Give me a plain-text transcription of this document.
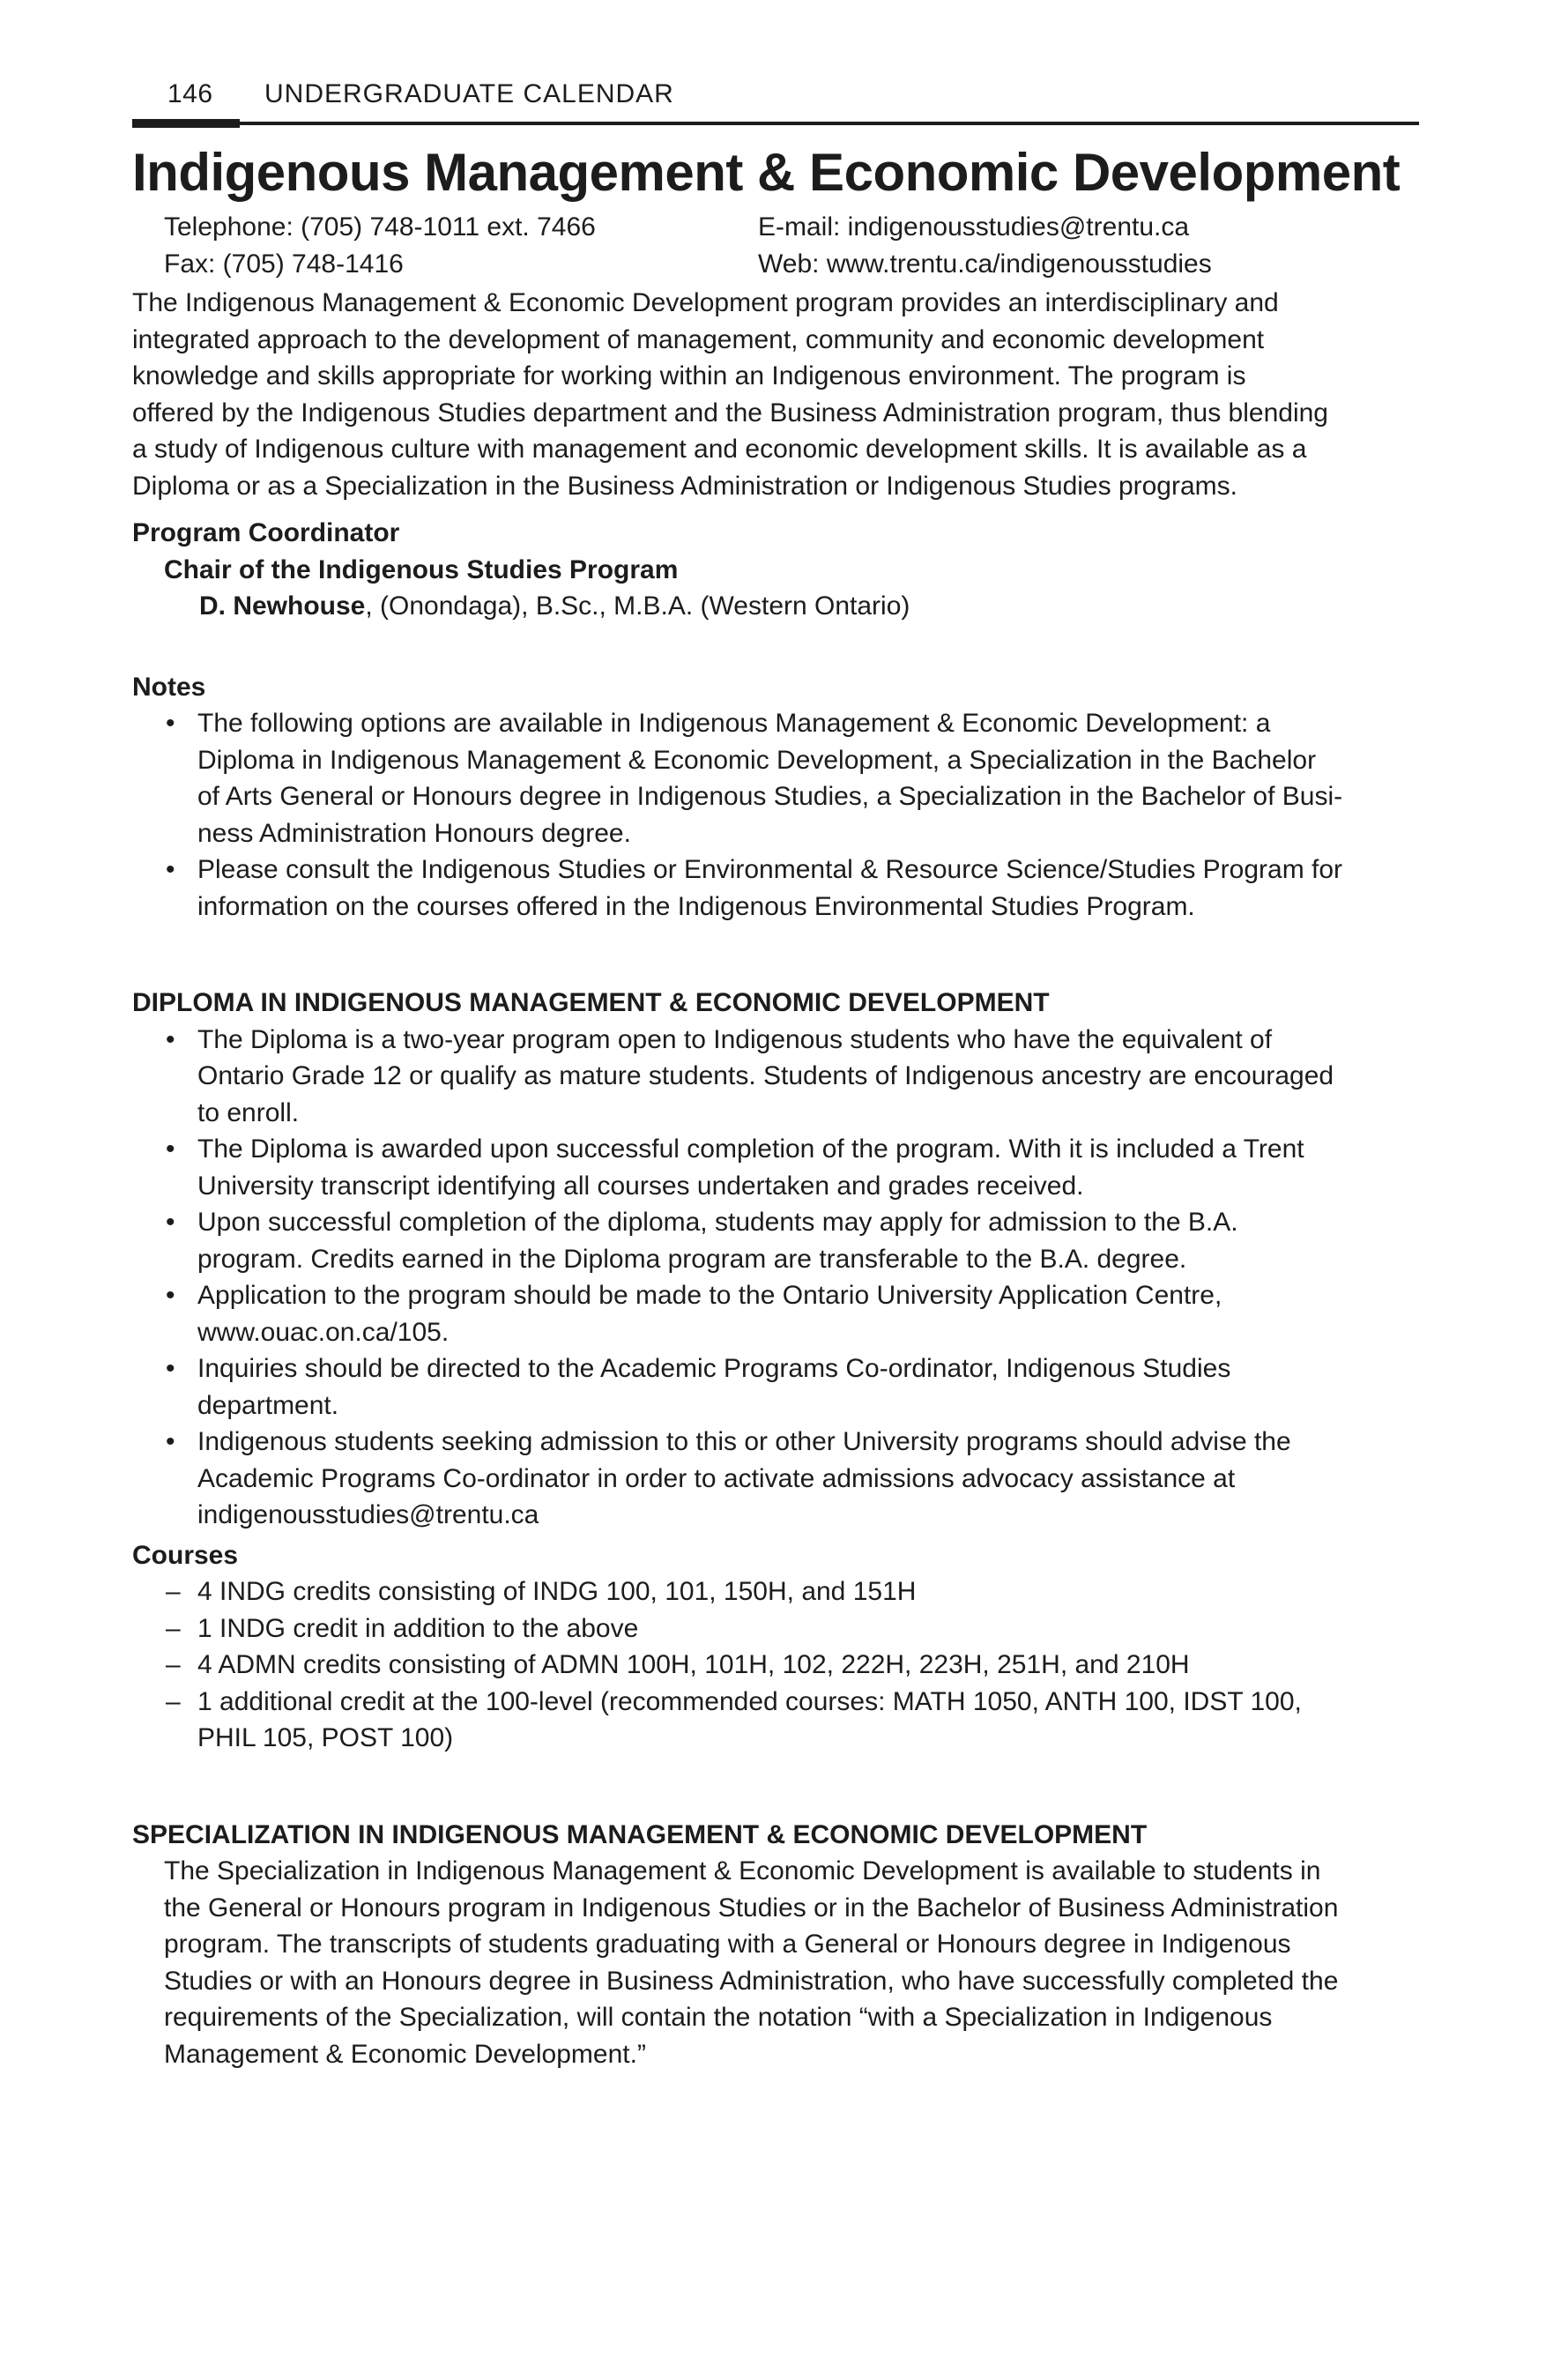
146 UNDERGRADUATE CALENDAR
Indigenous Management & Economic Development
Telephone: (705) 748-1011 ext. 7466
Fax: (705) 748-1416
E-mail: indigenousstudies@trentu.ca
Web: www.trentu.ca/indigenousstudies

The Indigenous Management & Economic Development program provides an interdisciplinary and
integrated approach to the development of management, community and economic development
knowledge and skills appropriate for working within an Indigenous environment. The program is
offered by the Indigenous Studies department and the Business Administration program, thus blending
a study of Indigenous culture with management and economic development skills. It is available as a
Diploma or as a Specialization in the Business Administration or Indigenous Studies programs.

Program Coordinator
Chair of the Indigenous Studies Program
D. Newhouse, (Onondaga), B.Sc., M.B.A. (Western Ontario)
Notes
• The following options are available in Indigenous Management & Economic Development: a
Diploma in Indigenous Management & Economic Development, a Specialization in the Bachelor
of Arts General or Honours degree in Indigenous Studies, a Specialization in the Bachelor of Busi-
ness Administration Honours degree.
• Please consult the Indigenous Studies or Environmental & Resource Science/Studies Program for
information on the courses offered in the Indigenous Environmental Studies Program.
DIPLOMA IN INDIGENOUS MANAGEMENT & ECONOMIC DEVELOPMENT
• The Diploma is a two-year program open to Indigenous students who have the equivalent of
Ontario Grade 12 or qualify as mature students. Students of Indigenous ancestry are encouraged
to enroll.
• The Diploma is awarded upon successful completion of the program. With it is included a Trent
University transcript identifying all courses undertaken and grades received.
• Upon successful completion of the diploma, students may apply for admission to the B.A.
program. Credits earned in the Diploma program are transferable to the B.A. degree.
• Application to the program should be made to the Ontario University Application Centre,
www.ouac.on.ca/105.
• Inquiries should be directed to the Academic Programs Co-ordinator, Indigenous Studies
department.
• Indigenous students seeking admission to this or other University programs should advise the
Academic Programs Co-ordinator in order to activate admissions advocacy assistance at
indigenousstudies@trentu.ca
Courses
– 4 INDG credits consisting of INDG 100, 101, 150H, and 151H
– 1 INDG credit in addition to the above
– 4 ADMN credits consisting of ADMN 100H, 101H, 102, 222H, 223H, 251H, and 210H
– 1 additional credit at the 100-level (recommended courses: MATH 1050, ANTH 100, IDST 100,
PHIL 105, POST 100)
SPECIALIZATION IN INDIGENOUS MANAGEMENT & ECONOMIC DEVELOPMENT

The Specialization in Indigenous Management & Economic Development is available to students in
the General or Honours program in Indigenous Studies or in the Bachelor of Business Administration
program. The transcripts of students graduating with a General or Honours degree in Indigenous
Studies or with an Honours degree in Business Administration, who have successfully completed the
requirements of the Specialization, will contain the notation “with a Specialization in Indigenous
Management & Economic Development.”
